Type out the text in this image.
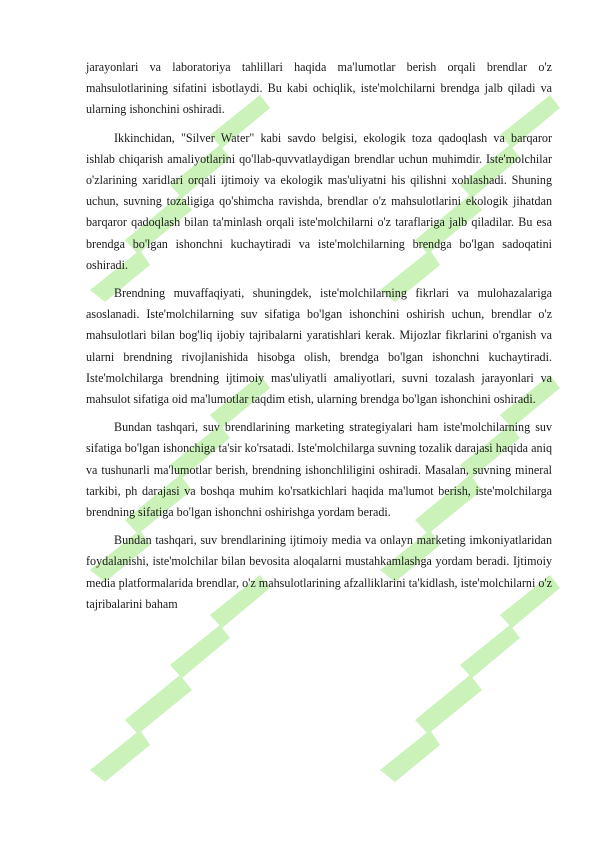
jarayonlari va laboratoriya tahlillari haqida ma'lumotlar berish orqali brendlar o'z mahsulotlarining sifatini isbotlaydi. Bu kabi ochiqlik, iste'molchilarni brendga jalb qiladi va ularning ishonchini oshiradi.

Ikkinchidan, "Silver Water" kabi savdo belgisi, ekologik toza qadoqlash va barqaror ishlab chiqarish amaliyotlarini qo'llab-quvvatlaydigan brendlar uchun muhimdir. Iste'molchilar o'zlarining xaridlari orqali ijtimoiy va ekologik mas'uliyatni his qilishni xohlashadi. Shuning uchun, suvning tozaligiga qo'shimcha ravishda, brendlar o'z mahsulotlarini ekologik jihatdan barqaror qadoqlash bilan ta'minlash orqali iste'molchilarni o'z taraflariga jalb qiladilar. Bu esa brendga bo'lgan ishonchni kuchaytiradi va iste'molchilarning brendga bo'lgan sadoqatini oshiradi.

Brendning muvaffaqiyati, shuningdek, iste'molchilarning fikrlari va mulohazalariga asoslanadi. Iste'molchilarning suv sifatiga bo'lgan ishonchini oshirish uchun, brendlar o'z mahsulotlari bilan bog'liq ijobiy tajribalarni yaratishlari kerak. Mijozlar fikrlarini o'rganish va ularni brendning rivojlanishida hisobga olish, brendga bo'lgan ishonchni kuchaytiradi. Iste'molchilarga brendning ijtimoiy mas'uliyatli amaliyotlari, suvni tozalash jarayonlari va mahsulot sifatiga oid ma'lumotlar taqdim etish, ularning brendga bo'lgan ishonchini oshiradi.

Bundan tashqari, suv brendlarining marketing strategiyalari ham iste'molchilarning suv sifatiga bo'lgan ishonchiga ta'sir ko'rsatadi. Iste'molchilarga suvning tozalik darajasi haqida aniq va tushunarli ma'lumotlar berish, brendning ishonchliligini oshiradi. Masalan, suvning mineral tarkibi, ph darajasi va boshqa muhim ko'rsatkichlari haqida ma'lumot berish, iste'molchilarga brendning sifatiga bo'lgan ishonchni oshirishga yordam beradi.

Bundan tashqari, suv brendlarining ijtimoiy media va onlayn marketing imkoniyatlaridan foydalanishi, iste'molchilar bilan bevosita aloqalarni mustahkamlashga yordam beradi. Ijtimoiy media platformalarida brendlar, o'z mahsulotlarining afzalliklarini ta'kidlash, iste'molchilarni o'z tajribalarini baham
